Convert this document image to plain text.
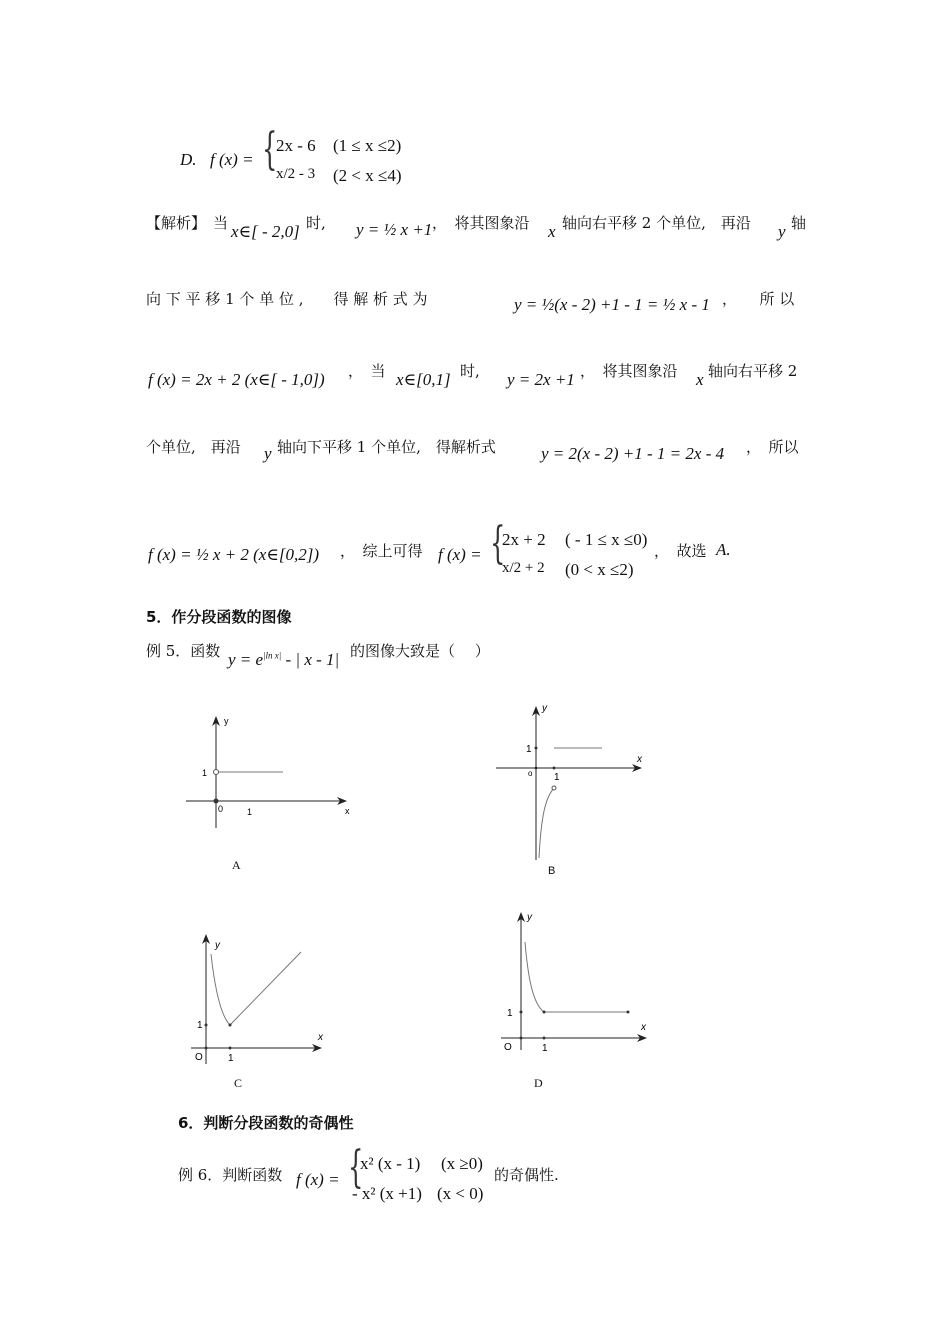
D. f (x) = {
2x - 6 (1 ≤ x ≤2)
x/2 - 3 (2 < x ≤4)
【解析】 当 x∈[ - 2,0] 时, y = ½ x +1 ，　将其图象沿 x 轴向右平移 2 个单位,　再沿 y 轴
向 下 平 移 1 个 单 位 ,　　得 解 析 式 为	y = ½(x - 2) +1 - 1 = ½ x - 1 ，　　所 以
f (x) = 2x + 2 (x∈[ - 1,0]) ，　当 x∈[0,1] 时, y = 2x +1 ，　将其图象沿 x 轴向右平移 2
个单位,　再沿 y 轴向下平移 1 个单位,　得解析式	y = 2(x - 2) +1 - 1 = 2x - 4 ，　所以
f (x) = ½ x + 2 (x∈[0,2]) ，　综上可得 f (x) = {
2x + 2 ( - 1 ≤ x ≤0)
x/2 + 2 (0 < x ≤2)
，　故选 A.
5．作分段函数的图像
例 5．函数 $y = e^{|ln x|}$ - | x - 1| 的图像大致是（　 ）
y
x
1
0	1
A
y
x
1
o 1
B
y
x
1
O	1
C
y
x
1
O	1
D
6．判断分段函数的奇偶性
例 6．判断函数 f (x) = {
x² (x - 1) (x ≥0)
- x² (x +1) (x < 0)
的奇偶性.
